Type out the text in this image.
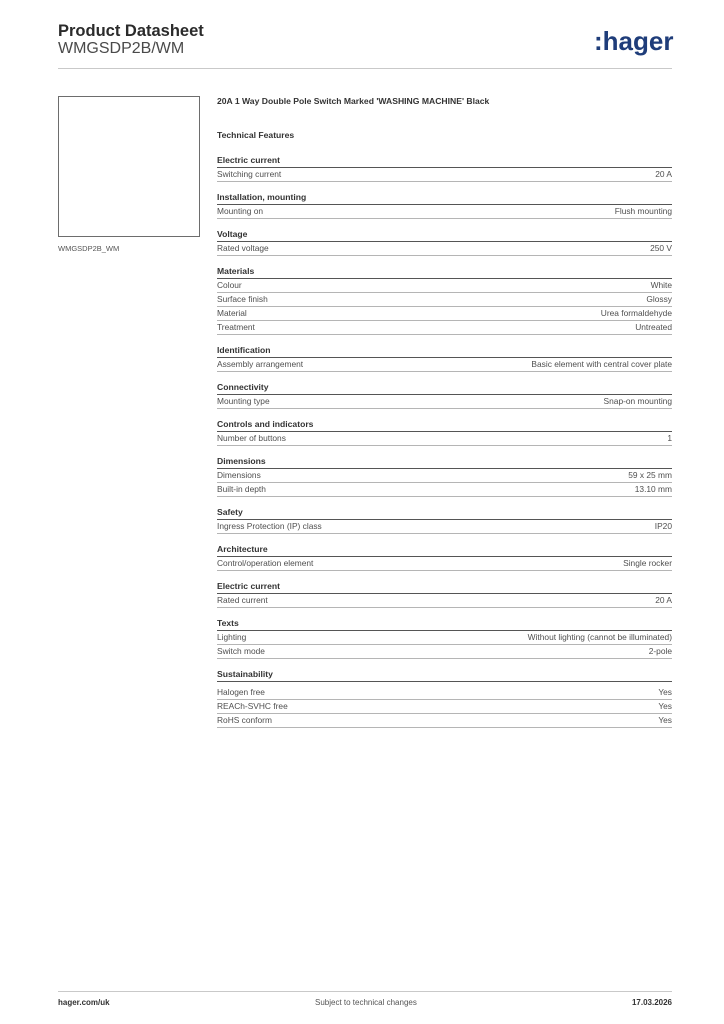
Product Datasheet
WMGSDP2B/WM	:hager
WMGSDP2B_WM
20A 1 Way Double Pole Switch Marked 'WASHING MACHINE' Black
Technical Features
Electric current
Switching current	20 A
Installation, mounting
Mounting on	Flush mounting
Voltage
Rated voltage	250 V
Materials
Colour	White
Surface finish	Glossy
Material	Urea formaldehyde
Treatment	Untreated
Identification
Assembly arrangement	Basic element with central cover plate
Connectivity
Mounting type	Snap-on mounting
Controls and indicators
Number of buttons	1
Dimensions
Dimensions	59 x 25 mm
Built-in depth	13.10 mm
Safety
Ingress Protection (IP) class	IP20
Architecture
Control/operation element	Single rocker
Electric current
Rated current	20 A
Texts
Lighting	Without lighting (cannot be illuminated)
Switch mode	2-pole
Sustainability
Halogen free	Yes
REACh-SVHC free	Yes
RoHS conform	Yes
hager.com/uk	Subject to technical changes	17.03.2026
